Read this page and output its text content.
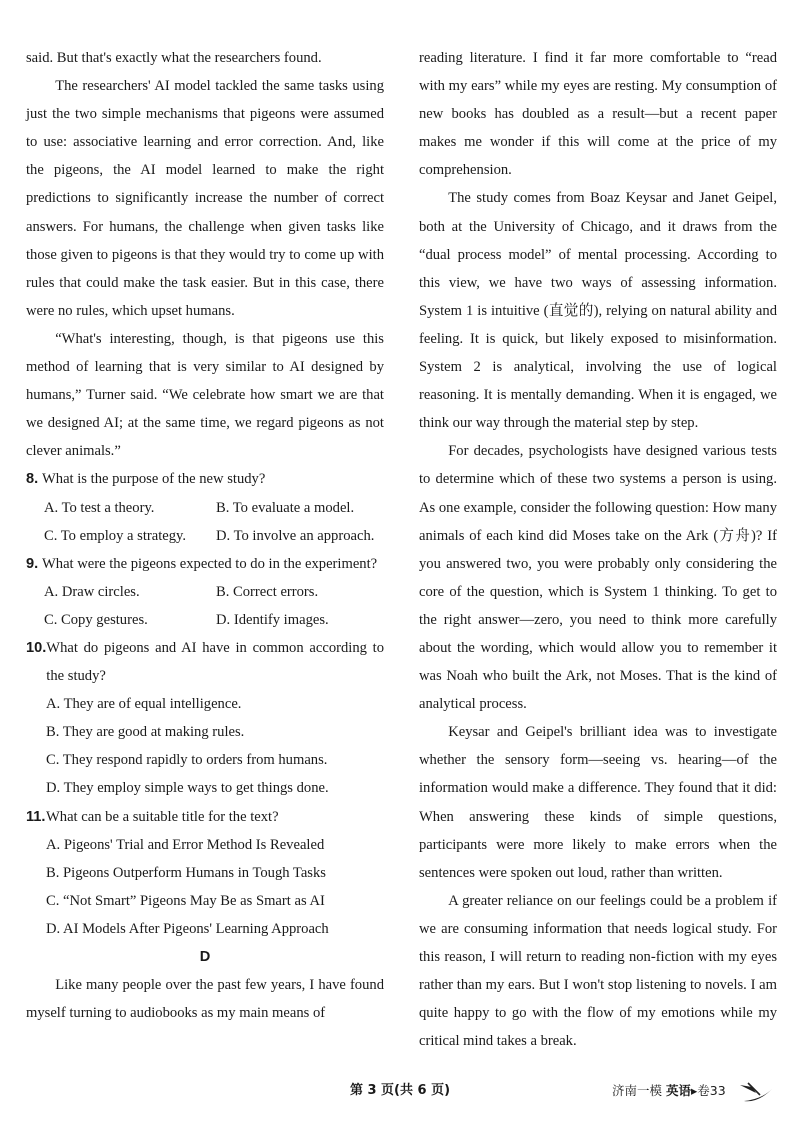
said. But that's exactly what the researchers found.

The researchers' AI model tackled the same tasks using just the two simple mechanisms that pigeons were assumed to use: associative learning and error correction. And, like the pigeons, the AI model learned to make the right predictions to significantly increase the number of correct answers. For humans, the challenge when given tasks like those given to pigeons is that they would try to come up with rules that could make the task easier. But in this case, there were no rules, which upset humans.

“What's interesting, though, is that pigeons use this method of learning that is very similar to AI designed by humans,” Turner said. “We celebrate how smart we are that we designed AI; at the same time, we regard pigeons as not clever animals.”

8. What is the purpose of the new study?
A. To test a theory.	B. To evaluate a model.
C. To employ a strategy.	D. To involve an approach.
9. What were the pigeons expected to do in the experiment?
A. Draw circles.	B. Correct errors.
C. Copy gestures.	D. Identify images.
10. What do pigeons and AI have in common according to the study?
A. They are of equal intelligence.
B. They are good at making rules.
C. They respond rapidly to orders from humans.
D. They employ simple ways to get things done.
11. What can be a suitable title for the text?
A. Pigeons' Trial and Error Method Is Revealed
B. Pigeons Outperform Humans in Tough Tasks
C. “Not Smart” Pigeons May Be as Smart as AI
D. AI Models After Pigeons' Learning Approach

D

Like many people over the past few years, I have found myself turning to audiobooks as my main means of

reading literature. I find it far more comfortable to “read with my ears” while my eyes are resting. My consumption of new books has doubled as a result—but a recent paper makes me wonder if this will come at the price of my comprehension.

The study comes from Boaz Keysar and Janet Geipel, both at the University of Chicago, and it draws from the “dual process model” of mental processing. According to this view, we have two ways of assessing information. System 1 is intuitive (直觉的), relying on natural ability and feeling. It is quick, but likely exposed to misinformation. System 2 is analytical, involving the use of logical reasoning. It is mentally demanding. When it is engaged, we think our way through the material step by step.

For decades, psychologists have designed various tests to determine which of these two systems a person is using. As one example, consider the following question: How many animals of each kind did Moses take on the Ark (方舟)? If you answered two, you were probably only considering the core of the question, which is System 1 thinking. To get to the right answer—zero, you need to think more carefully about the wording, which would allow you to remember it was Noah who built the Ark, not Moses. That is the kind of analytical process.

Keysar and Geipel's brilliant idea was to investigate whether the sensory form—seeing vs. hearing—of the information would make a difference. They found that it did: When answering these kinds of simple questions, participants were more likely to make errors when the sentences were spoken out loud, rather than written.

A greater reliance on our feelings could be a problem if we are consuming information that needs logical study. For this reason, I will return to reading non-fiction with my eyes rather than my ears. But I won't stop listening to novels. I am quite happy to go with the flow of my emotions while my critical mind takes a break.

第 3 页(共 6 页)	济南一模 英语▸卷33
